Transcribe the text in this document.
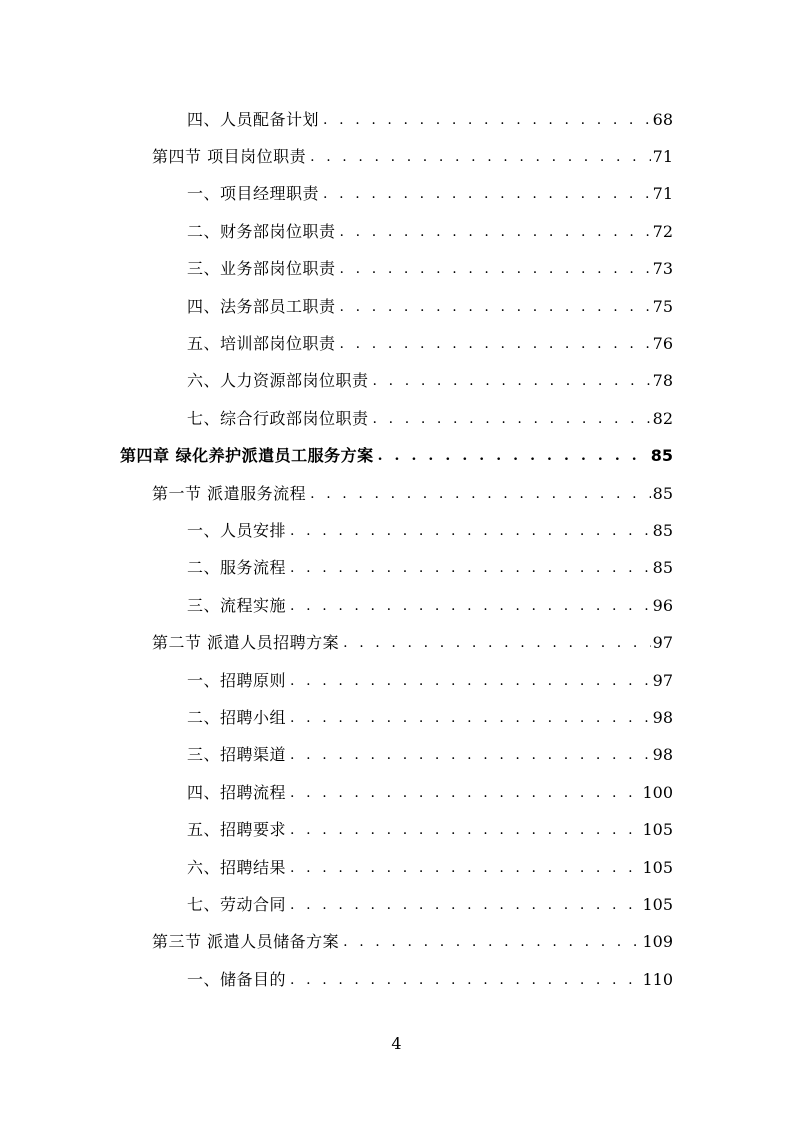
四、人员配备计划 . . .	68
第四节 项目岗位职责 . . .	71
一、项目经理职责 . . .	71
二、财务部岗位职责 . . .	72
三、业务部岗位职责 . . .	73
四、法务部员工职责 . . .	75
五、培训部岗位职责 . . .	76
六、人力资源部岗位职责 . . .	78
七、综合行政部岗位职责 . . .	82
第四章 绿化养护派遣员工服务方案 . . .	85
第一节 派遣服务流程 . . .	85
一、人员安排 . . .	85
二、服务流程 . . .	85
三、流程实施 . . .	96
第二节 派遣人员招聘方案 . . .	97
一、招聘原则 . . .	97
二、招聘小组 . . .	98
三、招聘渠道 . . .	98
四、招聘流程 . . .	100
五、招聘要求 . . .	105
六、招聘结果 . . .	105
七、劳动合同 . . .	105
第三节 派遣人员储备方案 . . .	109
一、储备目的 . . .	110
4
